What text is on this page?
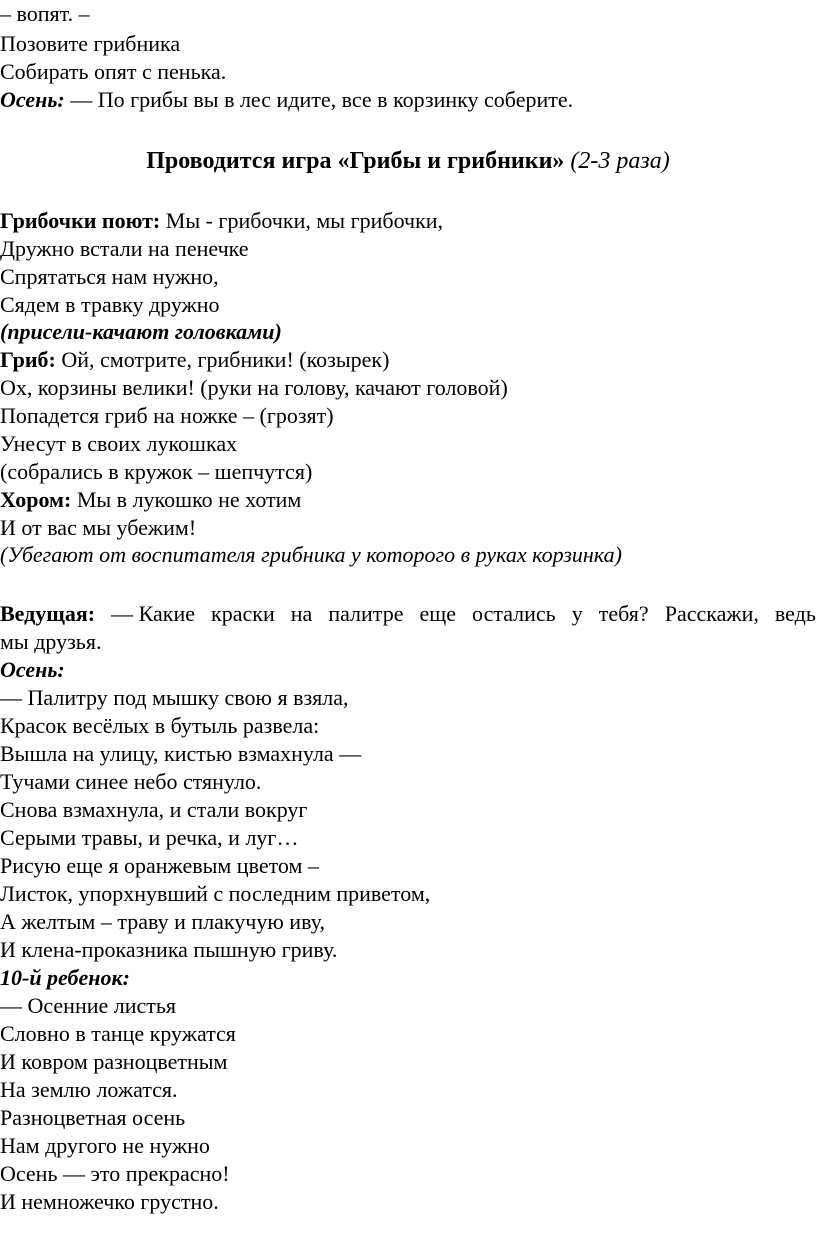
– вопят. –
Позовите грибника
Собирать опят с пенька.
Осень: — По грибы вы в лес идите, все в корзинку соберите.
Проводится игра «Грибы и грибники» (2-3 раза)
Грибочки поют: Мы - грибочки, мы грибочки,
Дружно встали на пенечке
Спрятаться нам нужно,
Сядем в травку дружно
(присели-качают головками)
Гриб: Ой, смотрите, грибники! (козырек)
Ох, корзины велики! (руки на голову, качают головой)
Попадется гриб на ножке – (грозят)
Унесут в своих лукошках
(собрались в кружок – шепчутся)
Хором: Мы в лукошко не хотим
И от вас мы убежим!
(Убегают от воспитателя грибника у которого в руках корзинка)
Ведущая: — Какие краски на палитре еще остались у тебя? Расскажи, ведь
мы друзья.
Осень:
— Палитру под мышку свою я взяла,
Красок весёлых в бутыль развела:
Вышла на улицу, кистью взмахнула —
Тучами синее небо стянуло.
Снова взмахнула, и стали вокруг
Серыми травы, и речка, и луг…
Рисую еще я оранжевым цветом –
Листок, упорхнувший с последним приветом,
А желтым – траву и плакучую иву,
И клена-проказника пышную гриву.
10-й ребенок:
— Осенние листья
Словно в танце кружатся
И ковром разноцветным
На землю ложатся.
Разноцветная осень
Нам другого не нужно
Осень — это прекрасно!
И немножечко грустно.
